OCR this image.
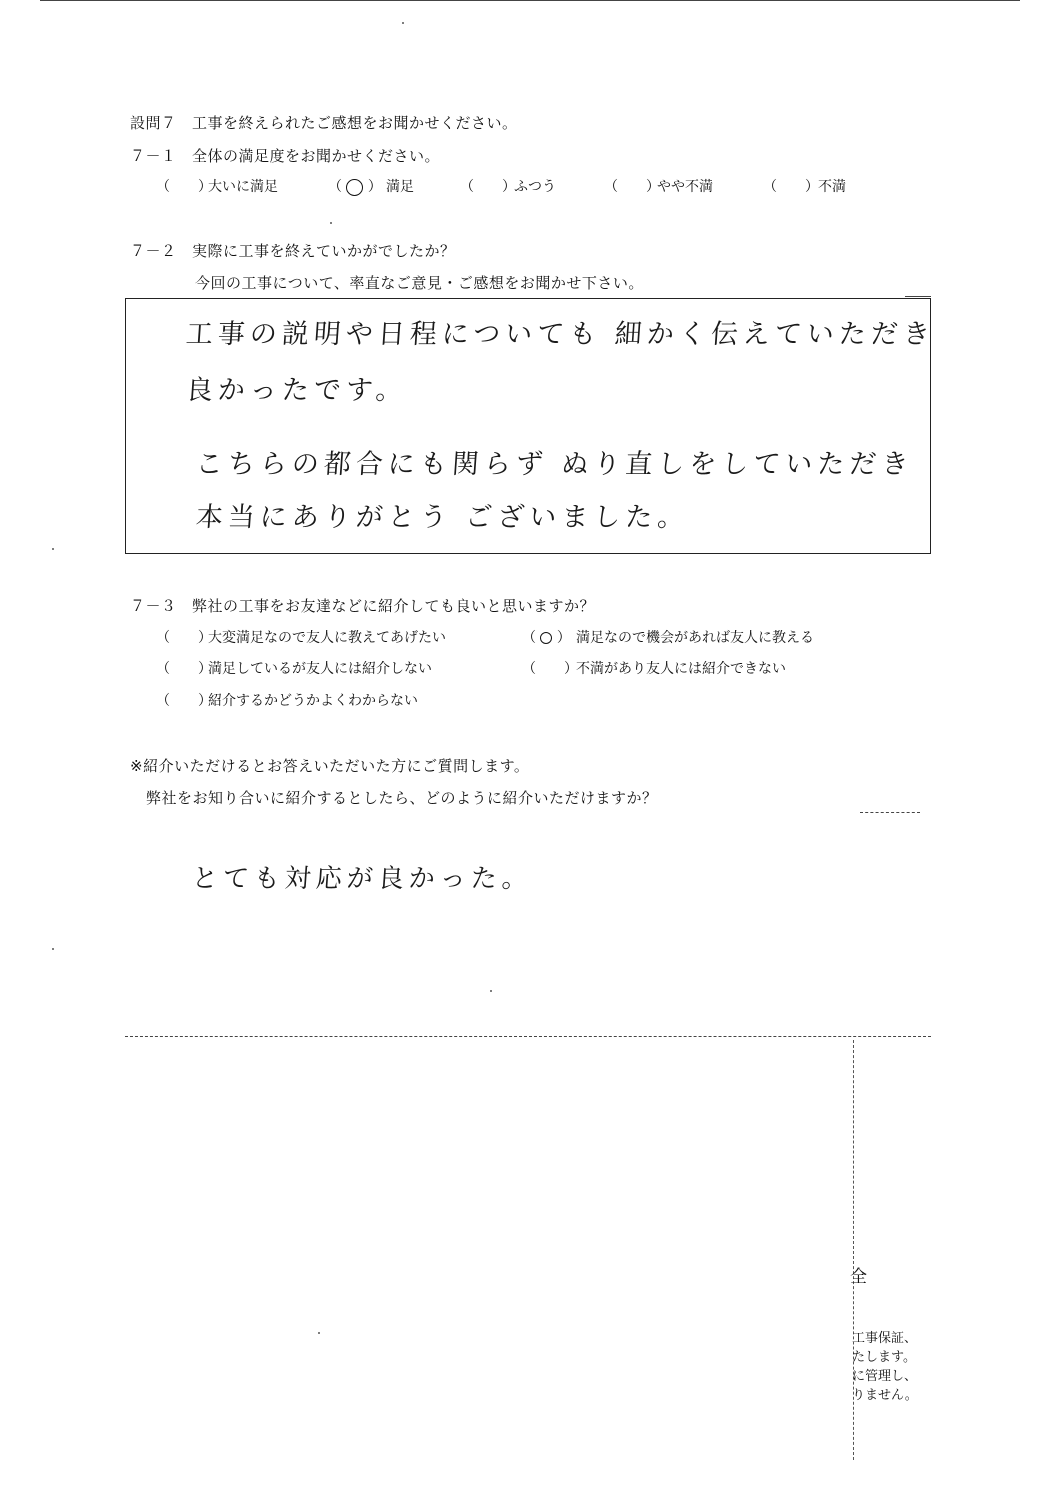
設問７　工事を終えられたご感想をお聞かせください。
７－１　全体の満足度をお聞かせください。
（　　）
大いに満足	（  ） 満足	（　　）
ふつう	（　　）
やや不満	（　　） 不満
７－２　実際に工事を終えていかがでしたか？
今回の工事について、率直なご意見・ご感想をお聞かせ下さい。
工事の説明や日程についても 細かく伝えていただき
良かったです。
こちらの都合にも関らず ぬり直しをしていただき
本当にありがとう ございました。
７－３　弊社の工事をお友達などに紹介しても良いと思いますか？
（　　）
大変満足なので友人に教えてあげたい	（  ） 満足なので機会があれば友人に教える
（　　）
満足しているが友人には紹介しない	（　　）
不満があり友人には紹介できない
（　　）
紹介するかどうかよくわからない
※紹介いただけるとお答えいただいた方にご質問します。
弊社をお知り合いに紹介するとしたら、どのように紹介いただけますか？
とても対応が良かった。
全
工事保証、
たします。
に管理し、
りません。
